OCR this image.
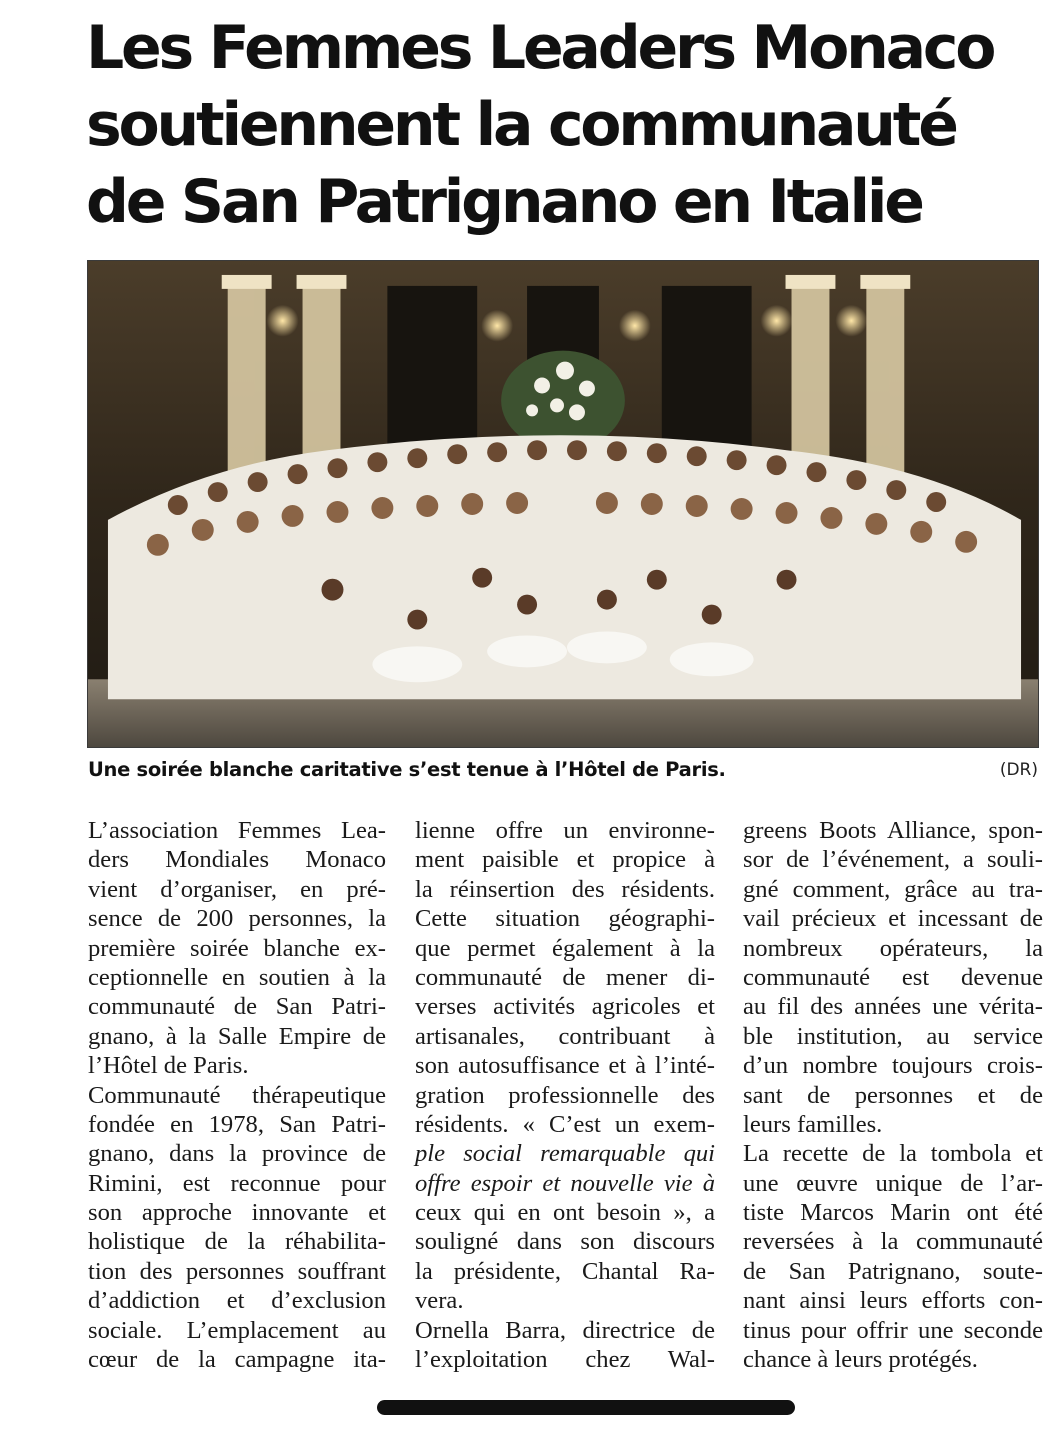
Les Femmes Leaders Monaco
soutiennent la communauté
de San Patrignano en Italie
Une soirée blanche caritative s’est tenue à l’Hôtel de Paris.	(DR)
L’association Femmes Lea-
ders Mondiales Monaco
vient d’organiser, en pré-
sence de 200 personnes, la
première soirée blanche ex-
ceptionnelle en soutien à la
communauté de San Patri-
gnano, à la Salle Empire de
l’Hôtel de Paris.
Communauté thérapeutique
fondée en 1978, San Patri-
gnano, dans la province de
Rimini, est reconnue pour
son approche innovante et
holistique de la réhabilita-
tion des personnes souffrant
d’addiction et d’exclusion
sociale. L’emplacement au
cœur de la campagne ita-
lienne offre un environne-
ment paisible et propice à
la réinsertion des résidents.
Cette situation géographi-
que permet également à la
communauté de mener di-
verses activités agricoles et
artisanales, contribuant à
son autosuffisance et à l’inté-
gration professionnelle des
résidents. « C’est un exem-
ple social remarquable qui
offre espoir et nouvelle vie à
ceux qui en ont besoin », a
souligné dans son discours
la présidente, Chantal Ra-
vera.
Ornella Barra, directrice de
l’exploitation chez Wal-
greens Boots Alliance, spon-
sor de l’événement, a souli-
gné comment, grâce au tra-
vail précieux et incessant de
nombreux opérateurs, la
communauté est devenue
au fil des années une vérita-
ble institution, au service
d’un nombre toujours crois-
sant de personnes et de
leurs familles.
La recette de la tombola et
une œuvre unique de l’ar-
tiste Marcos Marin ont été
reversées à la communauté
de San Patrignano, soute-
nant ainsi leurs efforts con-
tinus pour offrir une seconde
chance à leurs protégés.
